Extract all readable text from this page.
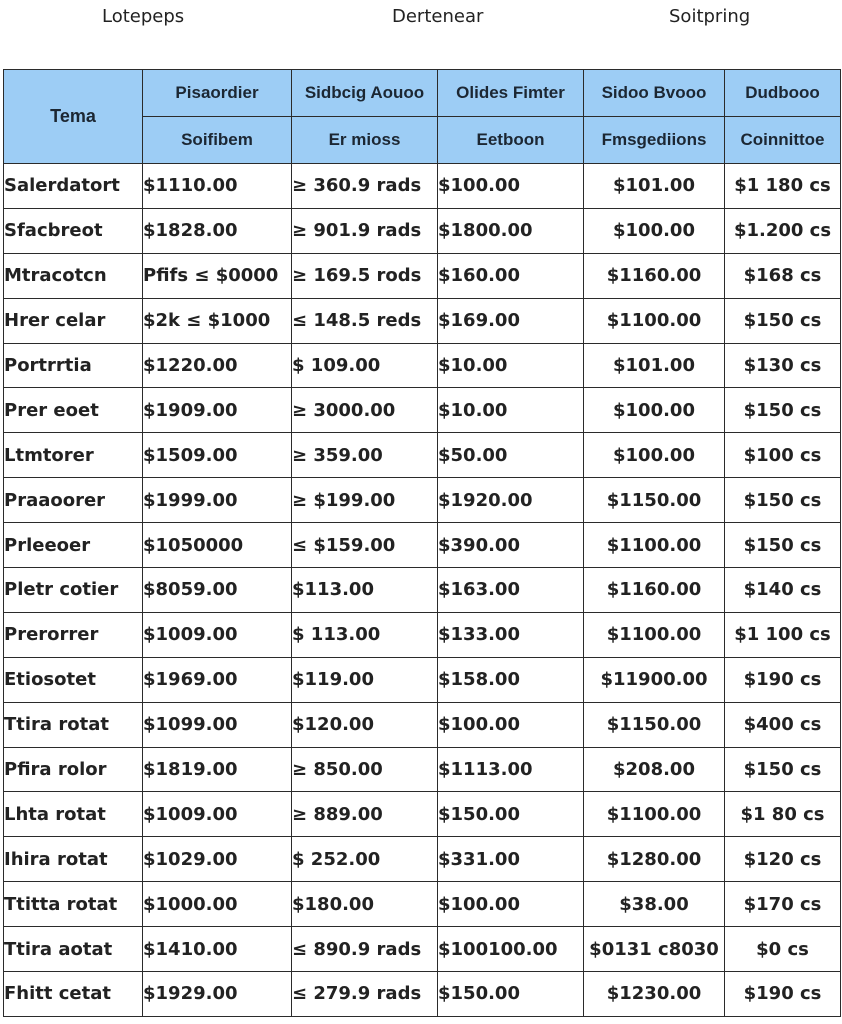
Lotepeps	Dertenear	Soitpring
Tema	Pisaordier	Sidbcig Aouoo	Olides Fimter	Sidoo Bvooo	Dudbooo
	Soifibem	Er mioss	Eetboon	Fmsgediions	Coinnittoe
Salerdatort	$1110.00	≥ 360.9 rads	$100.00	$101.00	$1 180 cs
Sfacbreot	$1828.00	≥ 901.9 rads	$1800.00	$100.00	$1.200 cs
Mtracotcn	Pfifs ≤ $0000	≥ 169.5 rods	$160.00	$1160.00	$168 cs
Hrer celar	$2k ≤ $1000	≤ 148.5 reds	$169.00	$1100.00	$150 cs
Portrrtia	$1220.00	$ 109.00	$10.00	$101.00	$130 cs
Prer eoet	$1909.00	≥ 3000.00	$10.00	$100.00	$150 cs
Ltmtorer	$1509.00	≥ 359.00	$50.00	$100.00	$100 cs
Praaoorer	$1999.00	≥ $199.00	$1920.00	$1150.00	$150 cs
Prleeoer	$1050000	≤ $159.00	$390.00	$1100.00	$150 cs
Pletr cotier	$8059.00	$113.00	$163.00	$1160.00	$140 cs
Prerorrer	$1009.00	$ 113.00	$133.00	$1100.00	$1 100 cs
Etiosotet	$1969.00	$119.00	$158.00	$11900.00	$190 cs
Ttira rotat	$1099.00	$120.00	$100.00	$1150.00	$400 cs
Pfira rolor	$1819.00	≥ 850.00	$1113.00	$208.00	$150 cs
Lhta rotat	$1009.00	≥ 889.00	$150.00	$1100.00	$1 80 cs
Ihira rotat	$1029.00	$ 252.00	$331.00	$1280.00	$120 cs
Ttitta rotat	$1000.00	$180.00	$100.00	$38.00	$170 cs
Ttira aotat	$1410.00	≤ 890.9 rads	$100100.00	$0131 c8030	$0 cs
Fhitt cetat	$1929.00	≤ 279.9 rads	$150.00	$1230.00	$190 cs
